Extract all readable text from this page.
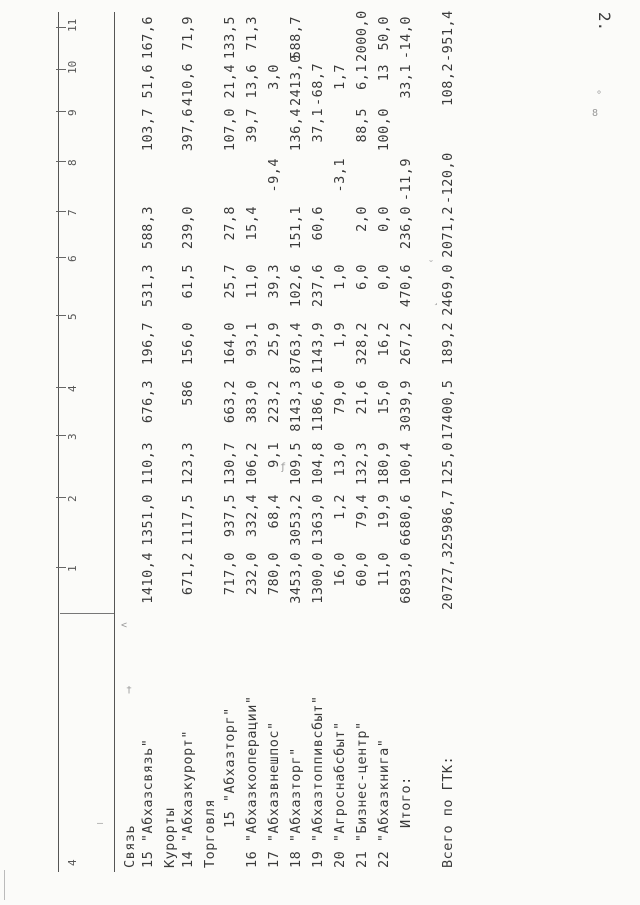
2.
4
1
2
3
4
5
6
7
8
9
10
11
Связь 15 "Абхазсвязь"
1410,4
1351,0
110,3
676,3
196,7
531,3
588,3
103,7
51,6
167,6
Курорты 14 "Абхазкурорт"
671,2
1117,5
123,3
586
156,0
61,5
239,0
397,6
410,6
71,9
Торговля
15 "Абхазторг"
717,0
937,5
130,7
663,2
164,0
25,7
27,8
107,0
21,4
133,5
16 "Абхазкооперации"
232,0
332,4
106,2
383,0
93,1
11,0
15,4
39,7
13,6
71,3
17 "Абхазвнешпос"
780,0
68,4
9,1
223,2
25,9
39,3
-9,4
3,0
18 "Абхазторг"
3453,0
3053,2
109,5
8143,3
8763,4
102,6
151,1
136,4
2413,0
588,7
19 "Абхазтоппивсбыт"
1300,0
1363,0
104,8
1186,6
1143,9
237,6
60,6
37,1
-68,7
20 "Агроснабсбыт"
16,0
1,2
13,0
79,0
1,9
1,0
-3,1
1,7
21 "Бизнес-центр"
60,0
79,4
132,3
21,6
328,2
6,0
2,0
88,5
6,1
2000,0
22 "Абхазкнига"
11,0
19,9
180,9
15,0
16,2
0,0
0,0
100,0
13
50,0
Итого:
6893,0
6680,6
100,4
3039,9
267,2
470,6
236,0
-11,9
33,1
-14,0
Всего по ГТК:
20727,3
25986,7
125,0
17400,5
189,2
2469,0
2071,2
-120,0
108,2
-951,4
–
†
<
ƒ
˘
¸
8
°
